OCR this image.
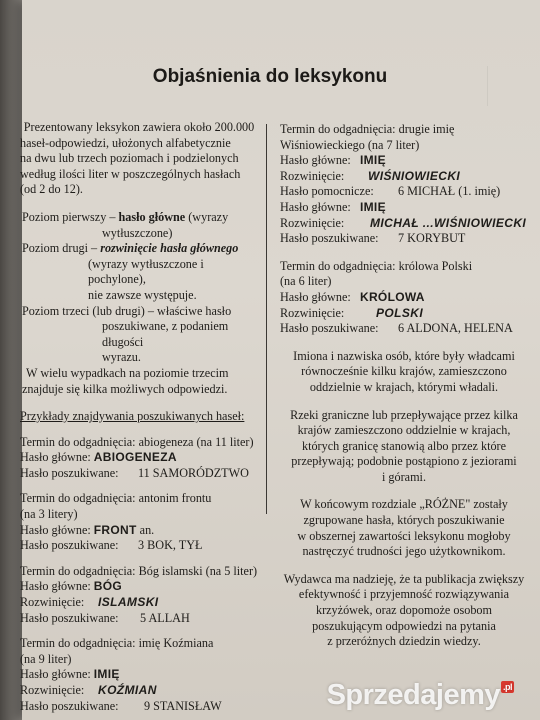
Objaśnienia do leksykonu

Prezentowany leksykon zawiera około 200.000

haseł-odpowiedzi, ułożonych alfabetycznie

na dwu lub trzech poziomach i podzielonych

według ilości liter w poszczególnych hasłach

(od 2 do 12).

Poziom pierwszy – hasło główne (wyrazy

wytłuszczone)

Poziom drugi – rozwinięcie hasła głównego

(wyrazy wytłuszczone i pochylone),

nie zawsze występuje.

Poziom trzeci (lub drugi) – właściwe hasło

poszukiwane, z podaniem długości

wyrazu.

W wielu wypadkach na poziomie trzecim

znajduje się kilka możliwych odpowiedzi.

Przykłady znajdywania poszukiwanych haseł:

Termin do odgadnięcia: abiogeneza (na 11 liter)

Hasło główne: ABIOGENEZA

Hasło poszukiwane: 11 SAMORÓDZTWO

Termin do odgadnięcia: antonim frontu

(na 3 litery)

Hasło główne: FRONT an.

Hasło poszukiwane: 3 BOK, TYŁ

Termin do odgadnięcia: Bóg islamski (na 5 liter)

Hasło główne: BÓG

Rozwinięcie: ISLAMSKI

Hasło poszukiwane: 5 ALLAH

Termin do odgadnięcia: imię Koźmiana

(na 9 liter)

Hasło główne: IMIĘ

Rozwinięcie: KOŹMIAN

Hasło poszukiwane: 9 STANISŁAW

Termin do odgadnięcia: drugie imię

Wiśniowieckiego (na 7 liter)

Hasło główne: IMIĘ

Rozwinięcie: WIŚNIOWIECKI

Hasło pomocnicze: 6 MICHAŁ (1. imię)

Hasło główne: IMIĘ

Rozwinięcie: MICHAŁ ...WIŚNIOWIECKI

Hasło poszukiwane: 7 KORYBUT

Termin do odgadnięcia: królowa Polski

(na 6 liter)

Hasło główne: KRÓLOWA

Rozwinięcie:	POLSKI

Hasło poszukiwane: 6 ALDONA, HELENA

Imiona i nazwiska osób, które były władcami

równocześnie kilku krajów, zamieszczono

oddzielnie w krajach, którymi władali.

Rzeki graniczne lub przepływające przez kilka

krajów zamieszczono oddzielnie w krajach,

których granicę stanowią albo przez które

przepływają; podobnie postąpiono z jeziorami

i górami.

W końcowym rozdziale „RÓŻNE" zostały

zgrupowane hasła, których poszukiwanie

w obszernej zawartości leksykonu mogłoby

nastręczyć trudności jego użytkownikom.

Wydawca ma nadzieję, że ta publikacja zwiększy

efektywność i przyjemność rozwiązywania

krzyżówek, oraz dopomoże osobom

poszukującym odpowiedzi na pytania

z przeróżnych dziedzin wiedzy.

Sprzedajemy .pl
